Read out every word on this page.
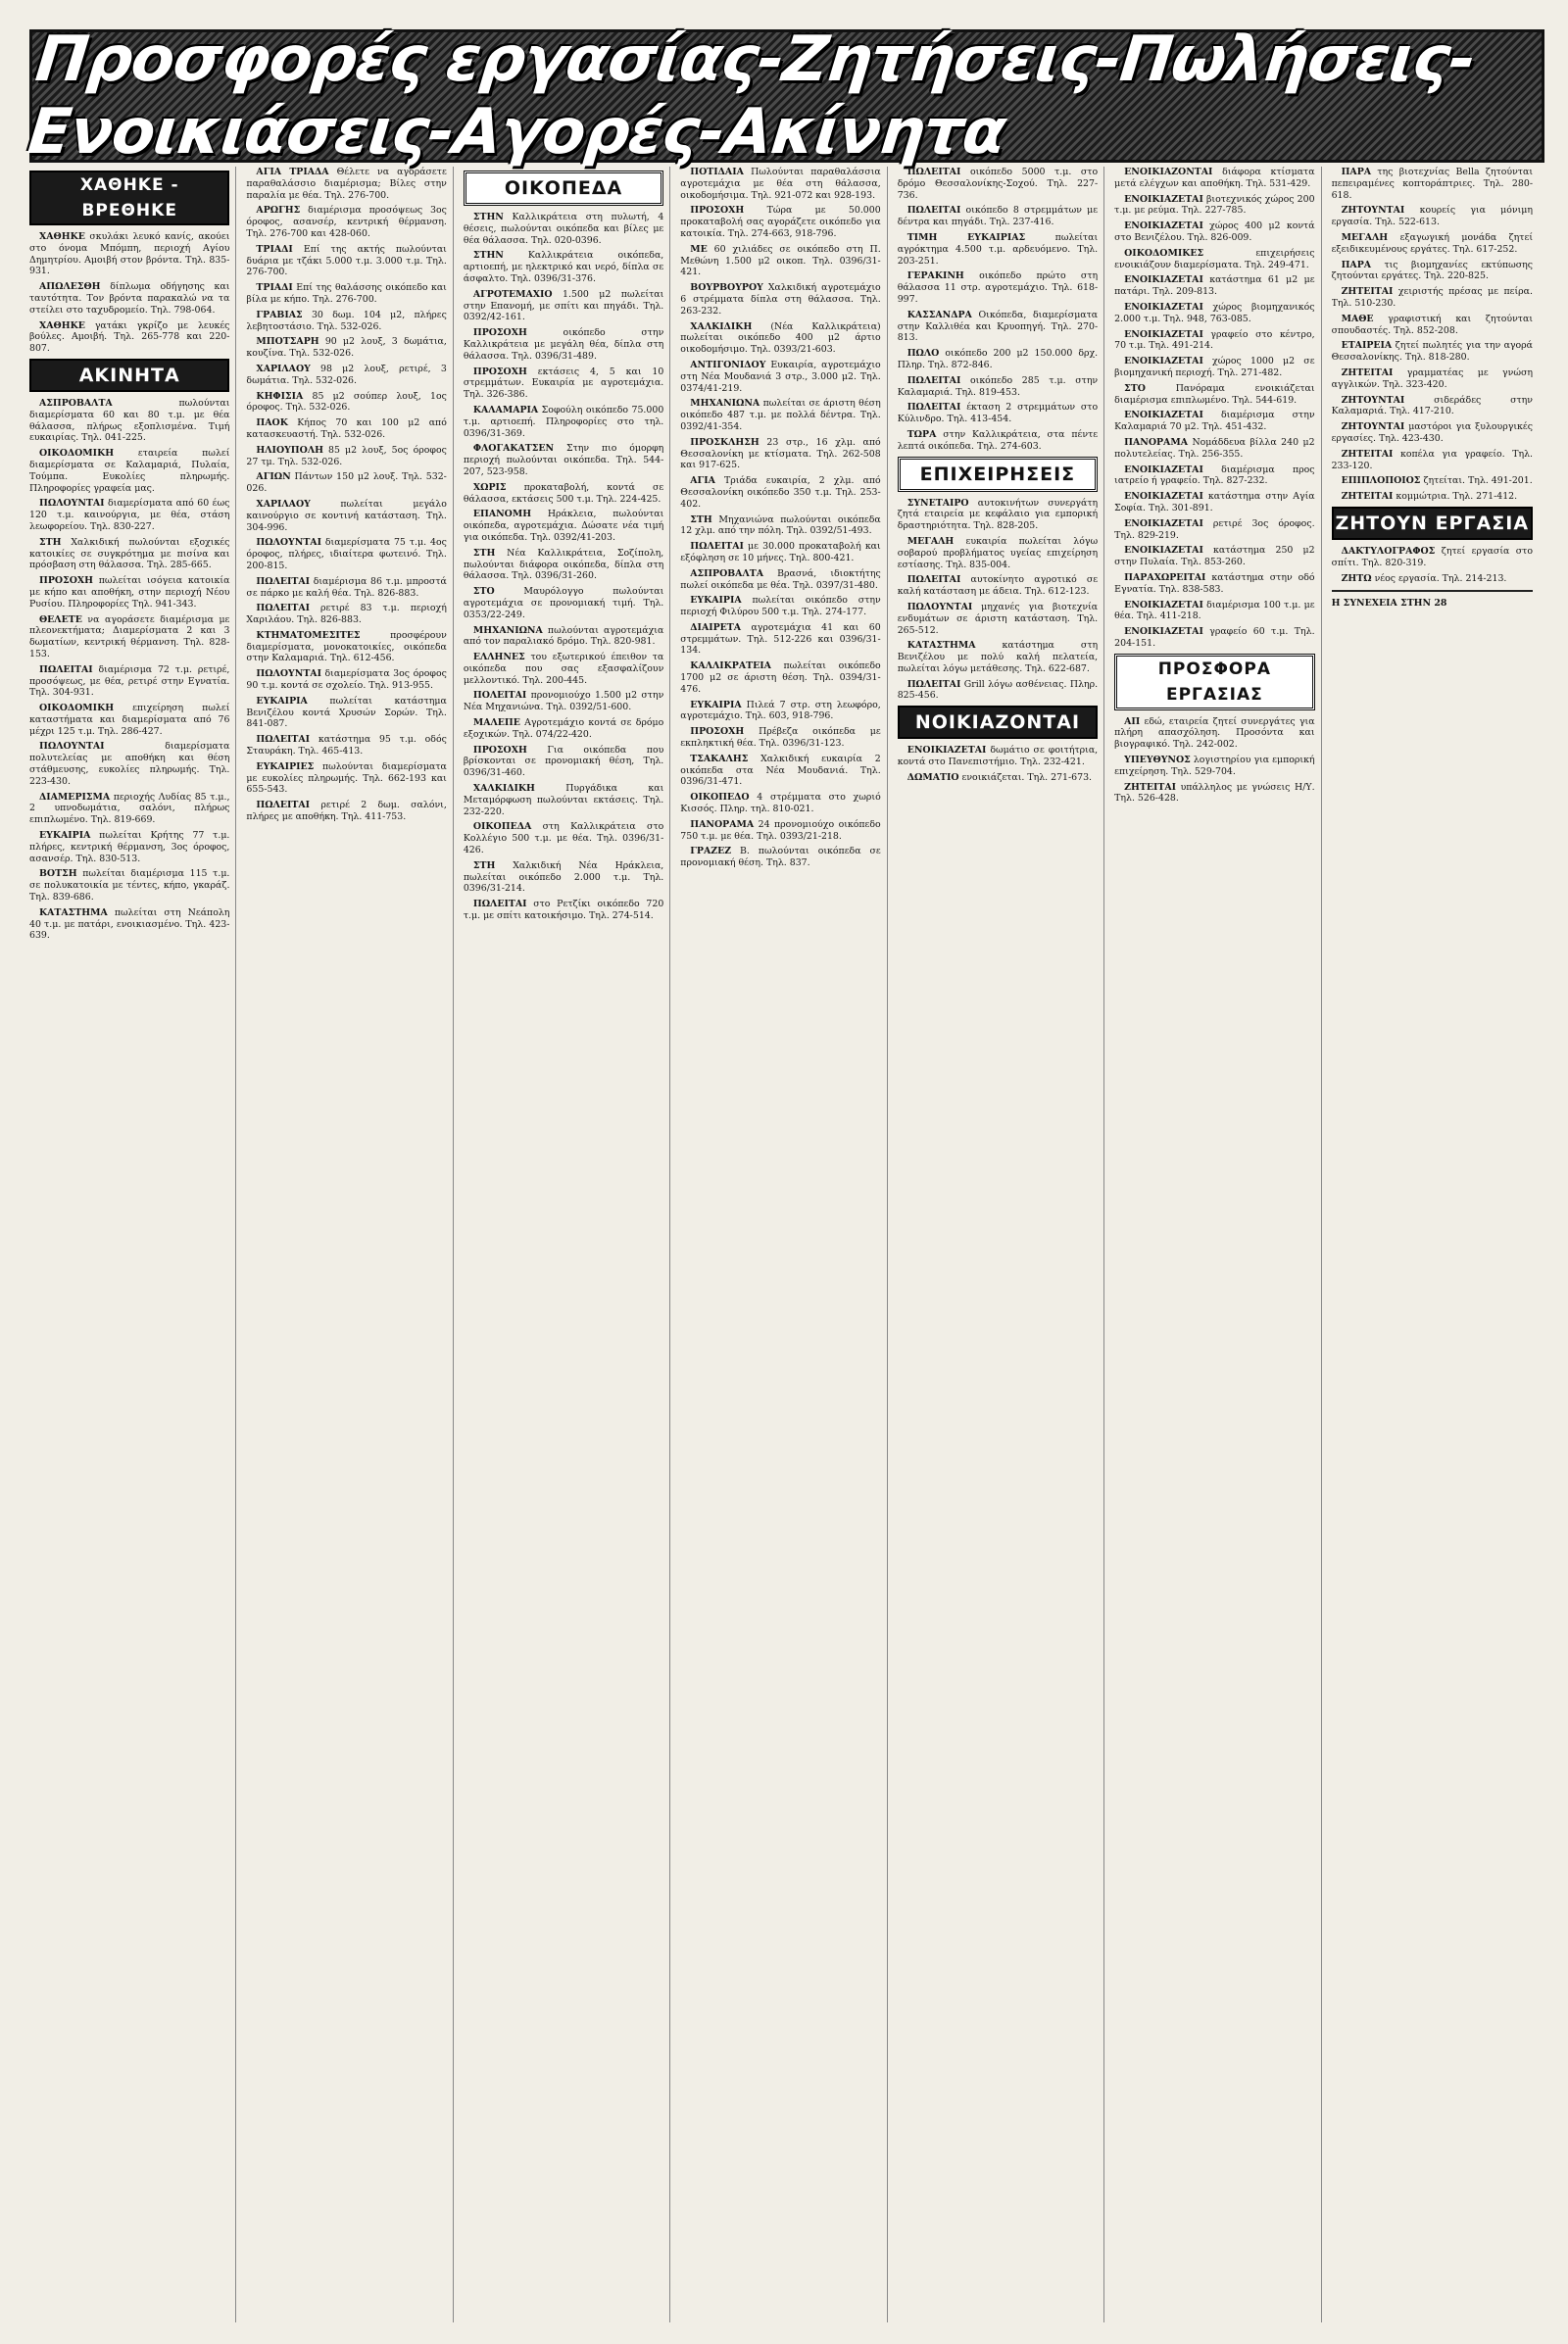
Προσφορές εργασίας-Ζητήσεις-Πωλήσεις-Ενοικιάσεις-Αγορές-Ακίνητα
ΧΑΘΗΚΕ - ΒΡΕΘΗΚΕ

ΧΑΘΗΚΕ σκυλάκι λευκό κανίς, ακούει στο όνομα Μπόμπη, περιοχή Αγίου Δημητρίου. Αμοιβή στον βρόντα. Τηλ. 835-931.

ΑΠΩΛΕΣΘΗ δίπλωμα οδήγησης και ταυτότητα. Τον βρόντα παρακαλώ να τα στείλει στο ταχυδρομείο. Τηλ. 798-064.

ΧΑΘΗΚΕ γατάκι γκρίζο με λευκές βούλες. Αμοιβή. Τηλ. 265-778 και 220-807.

ΑΚΙΝΗΤΑ

ΑΣΠΡΟΒΑΛΤΑ	πωλούνται διαμερίσματα 60 και 80 τ.μ. με θέα θάλασσα, πλήρως εξοπλισμένα. Τιμή ευκαιρίας. Τηλ. 041-225.

ΟΙΚΟΔΟΜΙΚΗ	εταιρεία πωλεί διαμερίσματα σε Καλαμαριά, Πυλαία, Τούμπα. Ευκολίες πληρωμής. Πληροφορίες γραφεία μας.

ΠΩΛΟΥΝΤΑΙ διαμερίσματα από 60 έως 120 τ.μ. καινούργια, με θέα, στάση λεωφορείου. Τηλ. 830-227.

ΣΤΗ Χαλκιδική πωλούνται εξοχικές κατοικίες σε συγκρότημα με πισίνα και πρόσβαση στη θάλασσα. Τηλ. 285-665.

ΠΡΟΣΟΧΗ πωλείται ισόγεια κατοικία με κήπο και αποθήκη, στην περιοχή Νέου Ρυσίου. Πληροφορίες Τηλ. 941-343.

ΘΕΛΕΤΕ να αγοράσετε διαμέρισμα με πλεονεκτήματα; Διαμερίσματα 2 και 3 δωματίων, κεντρική θέρμανση. Τηλ. 828-153.

ΠΩΛΕΙΤΑΙ διαμέρισμα 72 τ.μ. ρετιρέ, προσόψεως, με θέα, ρετιρέ στην Εγνατία. Τηλ. 304-931.

ΟΙΚΟΔΟΜΙΚΗ επιχείρηση πωλεί καταστήματα και διαμερίσματα από 76 μέχρι 125 τ.μ. Τηλ. 286-427.

ΠΩΛΟΥΝΤΑΙ	διαμερίσματα πολυτελείας με αποθήκη και θέση στάθμευσης, ευκολίες πληρωμής. Τηλ. 223-430.

ΔΙΑΜΕΡΙΣΜΑ περιοχής Λυδίας 85 τ.μ., 2 υπνοδωμάτια, σαλόνι, πλήρως επιπλωμένο. Τηλ. 819-669.

ΕΥΚΑΙΡΙΑ πωλείται Κρήτης 77 τ.μ. πλήρες, κεντρική θέρμανση, 3ος όροφος, ασανσέρ. Τηλ. 830-513.

ΒΟΤΣΗ πωλείται διαμέρισμα 115 τ.μ. σε πολυκατοικία με τέντες, κήπο, γκαράζ. Τηλ. 839-686.

ΚΑΤΑΣΤΗΜΑ πωλείται στη Νεάπολη 40 τ.μ. με πατάρι, ενοικιασμένο. Τηλ. 423-639.

ΑΓΙΑ ΤΡΙΑΔΑ Θέλετε να αγοράσετε παραθαλάσσιο διαμέρισμα; Βίλες στην παραλία με θέα. Τηλ. 276-700.

ΑΡΩΓΗΣ διαμέρισμα προσόψεως 3ος όροφος, ασανσέρ, κεντρική θέρμανση. Τηλ. 276-700 και 428-060.

ΤΡΙΑΔΙ Επί της ακτής πωλούνται δυάρια με τζάκι 5.000 τ.μ. 3.000 τ.μ. Τηλ. 276-700.

ΤΡΙΑΔΙ Επί της θαλάσσης οικόπεδο και βίλα με κήπο. Τηλ. 276-700.

ΓΡΑΒΙΑΣ 30 δωμ. 104 μ2, πλήρες λεβητοστάσιο. Τηλ. 532-026.

ΜΠΟΤΣΑΡΗ 90 μ2 λουξ, 3 δωμάτια, κουζίνα. Τηλ. 532-026.

ΧΑΡΙΛΑΟΥ 98 μ2 λουξ, ρετιρέ, 3 δωμάτια. Τηλ. 532-026.

ΚΗΦΙΣΙΑ 85 μ2 σούπερ λουξ, 1ος όροφος. Τηλ. 532-026.

ΠΑΟΚ Κήπος 70 και 100 μ2 από κατασκευαστή. Τηλ. 532-026.

ΗΛΙΟΥΠΟΛΗ 85 μ2 λουξ, 5ος όροφος 27 τμ. Τηλ. 532-026.

ΑΓΙΩΝ Πάντων 150 μ2 λουξ. Τηλ. 532-026.

ΧΑΡΙΛΑΟΥ	πωλείται μεγάλο καινούργιο σε κοντινή κατάσταση. Τηλ. 304-996.

ΠΩΛΟΥΝΤΑΙ διαμερίσματα 75 τ.μ. 4ος όροφος, πλήρες, ιδιαίτερα φωτεινό. Τηλ. 200-815.

ΠΩΛΕΙΤΑΙ διαμέρισμα 86 τ.μ. μπροστά σε πάρκο με καλή θέα. Τηλ. 826-883.

ΠΩΛΕΙΤΑΙ ρετιρέ 83 τ.μ. περιοχή Χαριλάου. Τηλ. 826-883.

ΚΤΗΜΑΤΟΜΕΣΙΤΕΣ	προσφέρουν διαμερίσματα, μονοκατοικίες, οικόπεδα στην Καλαμαριά. Τηλ. 612-456.

ΠΩΛΟΥΝΤΑΙ διαμερίσματα 3ος όροφος 90 τ.μ. κοντά σε σχολείο. Τηλ. 913-955.

ΕΥΚΑΙΡΙΑ πωλείται κατάστημα Βενιζέλου κοντά Χρυσών Σορών. Τηλ. 841-087.

ΠΩΛΕΙΤΑΙ κατάστημα 95 τ.μ. οδός Σταυράκη. Τηλ. 465-413.

ΕΥΚΑΙΡΙΕΣ πωλούνται διαμερίσματα με ευκολίες πληρωμής. Τηλ. 662-193 και 655-543.

ΠΩΛΕΙΤΑΙ ρετιρέ 2 δωμ. σαλόνι, πλήρες με αποθήκη. Τηλ. 411-753.

ΟΙΚΟΠΕΔΑ

ΣΤΗΝ Καλλικράτεια στη πυλωτή, 4 θέσεις, πωλούνται οικόπεδα και βίλες με θέα θάλασσα. Τηλ. 020-0396.

ΣΤΗΝ	Καλλικράτεια οικόπεδα, αρτιοεπή, με ηλεκτρικό και νερό, δίπλα σε άσφαλτο. Τηλ. 0396/31-376.

ΑΓΡΟΤΕΜΑΧΙΟ 1.500 μ2 πωλείται στην Επανομή, με σπίτι και πηγάδι. Τηλ. 0392/42-161.

ΠΡΟΣΟΧΗ	οικόπεδο στην Καλλικράτεια με μεγάλη θέα, δίπλα στη θάλασσα. Τηλ. 0396/31-489.

ΠΡΟΣΟΧΗ εκτάσεις 4, 5 και 10 στρεμμάτων. Ευκαιρία με αγροτεμάχια. Τηλ. 326-386.

ΚΑΛΑΜΑΡΙΑ Σοφούλη οικόπεδο 75.000 τ.μ. αρτιοεπή. Πληροφορίες στο τηλ. 0396/31-369.

ΦΛΟΓΑΚΑΤΣΕΝ Στην πιο όμορφη περιοχή πωλούνται οικόπεδα. Τηλ. 544-207, 523-958.

ΧΩΡΙΣ προκαταβολή, κοντά σε θάλασσα, εκτάσεις 500 τ.μ. Τηλ. 224-425.

ΕΠΑΝΟΜΗ Ηράκλεια, πωλούνται οικόπεδα, αγροτεμάχια. Δώσατε νέα τιμή για οικόπεδα. Τηλ. 0392/41-203.

ΣΤΗ Νέα Καλλικράτεια, Σοζίπολη, πωλούνται διάφορα οικόπεδα, δίπλα στη θάλασσα. Τηλ. 0396/31-260.

ΣΤΟ	Μαυρόλογγο πωλούνται αγροτεμάχια σε προνομιακή τιμή. Τηλ. 0353/22-249.

ΜΗΧΑΝΙΩΝΑ πωλούνται αγροτεμάχια από τον παραλιακό δρόμο. Τηλ. 820-981.

ΕΛΛΗΝΕΣ του εξωτερικού έπειθον τα οικόπεδα που σας εξασφαλίζουν μελλοντικό. Τηλ. 200-445.

ΠΟΛΕΙΤΑΙ προνομιούχο 1.500 μ2 στην Νέα Μηχανιώνα. Τηλ. 0392/51-600.

ΜΑΛΕΠΕ Αγροτεμάχιο κοντά σε δρόμο εξοχικών. Τηλ. 074/22-420.

ΠΡΟΣΟΧΗ Για οικόπεδα που βρίσκονται σε προνομιακή θέση, Τηλ. 0396/31-460.

ΧΑΛΚΙΔΙΚΗ	Πυργάδικα και Μεταμόρφωση πωλούνται εκτάσεις. Τηλ. 232-220.

ΟΙΚΟΠΕΔΑ στη Καλλικράτεια στο Κολλέγιο 500 τ.μ. με θέα. Τηλ. 0396/31-426.

ΣΤΗ Χαλκιδική Νέα Ηράκλεια, πωλείται οικόπεδο 2.000 τ.μ. Τηλ. 0396/31-214.

ΠΩΛΕΙΤΑΙ στο Ρετζίκι οικόπεδο 720 τ.μ. με σπίτι κατοικήσιμο. Τηλ. 274-514.

ΠΟΤΙΔΑΙΑ Πωλούνται παραθαλάσσια αγροτεμάχια με θέα στη θάλασσα, οικοδομήσιμα. Τηλ. 921-072 και 928-193.

ΠΡΟΣΟΧΗ Τώρα με 50.000 προκαταβολή σας αγοράζετε οικόπεδο για κατοικία. Τηλ. 274-663, 918-796.

ΜΕ 60 χιλιάδες σε οικόπεδο στη Π. Μεθώνη 1.500 μ2 οικοπ. Τηλ. 0396/31-421.

ΒΟΥΡΒΟΥΡΟΥ Χαλκιδική αγροτεμάχιο 6 στρέμματα δίπλα στη θάλασσα. Τηλ. 263-232.

ΧΑΛΚΙΔΙΚΗ (Νέα Καλλικράτεια) πωλείται οικόπεδο 400 μ2 άρτιο οικοδομήσιμο. Τηλ. 0393/21-603.

ΑΝΤΙΓΟΝΙΔΟΥ Ευκαιρία, αγροτεμάχιο στη Νέα Μουδανιά 3 στρ., 3.000 μ2. Τηλ. 0374/41-219.

ΜΗΧΑΝΙΩΝΑ πωλείται σε άριστη θέση οικόπεδο 487 τ.μ. με πολλά δέντρα. Τηλ. 0392/41-354.

ΠΡΟΣΚΛΗΣΗ 23 στρ., 16 χλμ. από Θεσσαλονίκη με κτίσματα. Τηλ. 262-508 και 917-625.

ΑΓΙΑ Τριάδα ευκαιρία, 2 χλμ. από Θεσσαλονίκη οικόπεδο 350 τ.μ. Τηλ. 253-402.

ΣΤΗ Μηχανιώνα πωλούνται οικόπεδα 12 χλμ. από την πόλη. Τηλ. 0392/51-493.

ΠΩΛΕΙΤΑΙ με 30.000 προκαταβολή και εξόφληση σε 10 μήνες. Τηλ. 800-421.

ΑΣΠΡΟΒΑΛΤΑ Βρασνά, ιδιοκτήτης πωλεί οικόπεδα με θέα. Τηλ. 0397/31-480.

ΕΥΚΑΙΡΙΑ πωλείται οικόπεδο στην περιοχή Φιλύρου 500 τ.μ. Τηλ. 274-177.

ΔΙΑΙΡΕΤΑ αγροτεμάχια 41 και 60 στρεμμάτων. Τηλ. 512-226 και 0396/31-134.

ΚΑΛΛΙΚΡΑΤΕΙΑ πωλείται οικόπεδο 1700 μ2 σε άριστη θέση. Τηλ. 0394/31-476.

ΕΥΚΑΙΡΙΑ Πιλεά 7 στρ. στη λεωφόρο, αγροτεμάχιο. Τηλ. 603, 918-796.

ΠΡΟΣΟΧΗ Πρέβεζα οικόπεδα με εκπληκτική θέα. Τηλ. 0396/31-123.

ΤΣΑΚΑΛΗΣ Χαλκιδική ευκαιρία 2 οικόπεδα στα Νέα Μουδανιά. Τηλ. 0396/31-471.

ΟΙΚΟΠΕΔΟ 4 στρέμματα στο χωριό Κισσός. Πληρ. τηλ. 810-021.

ΠΑΝΟΡΑΜΑ 24 προνομιούχο οικόπεδο 750 τ.μ. με θέα. Τηλ. 0393/21-218.

ΓΡΑΖΕΖ Β. πωλούνται οικόπεδα σε προνομιακή θέση. Τηλ. 837.

ΠΩΛΕΙΤΑΙ οικόπεδο 5000 τ.μ. στο δρόμο Θεσσαλονίκης-Σοχού. Τηλ. 227-736.

ΠΩΛΕΙΤΑΙ οικόπεδο 8 στρεμμάτων με δέντρα και πηγάδι. Τηλ. 237-416.

ΤΙΜΗ ΕΥΚΑΙΡΙΑΣ	πωλείται αγρόκτημα 4.500 τ.μ. αρδευόμενο. Τηλ. 203-251.

ΓΕΡΑΚΙΝΗ οικόπεδο πρώτο στη θάλασσα 11 στρ. αγροτεμάχιο. Τηλ. 618-997.

ΚΑΣΣΑΝΔΡΑ Οικόπεδα, διαμερίσματα στην Καλλιθέα και Κρυοπηγή. Τηλ. 270-813.

ΠΩΛΟ οικόπεδο 200 μ2 150.000 δρχ. Πληρ. Τηλ. 872-846.

ΠΩΛΕΙΤΑΙ οικόπεδο 285 τ.μ. στην Καλαμαριά. Τηλ. 819-453.

ΠΩΛΕΙΤΑΙ έκταση 2 στρεμμάτων στο Κύλινδρο. Τηλ. 413-454.

ΤΩΡΑ στην Καλλικράτεια, στα πέντε λεπτά οικόπεδα. Τηλ. 274-603.

ΕΠΙΧΕΙΡΗΣΕΙΣ

ΣΥΝΕΤΑΙΡΟ αυτοκινήτων συνεργάτη ζητά εταιρεία με κεφάλαιο για εμπορική δραστηριότητα. Τηλ. 828-205.

ΜΕΓΑΛΗ ευκαιρία πωλείται λόγω σοβαρού προβλήματος υγείας επιχείρηση εστίασης. Τηλ. 835-004.

ΠΩΛΕΙΤΑΙ αυτοκίνητο αγροτικό σε καλή κατάσταση με άδεια. Τηλ. 612-123.

ΠΩΛΟΥΝΤΑΙ μηχανές για βιοτεχνία ενδυμάτων σε άριστη κατάσταση. Τηλ. 265-512.

ΚΑΤΑΣΤΗΜΑ	κατάστημα στη Βενιζέλου με πολύ καλή πελατεία, πωλείται λόγω μετάθεσης. Τηλ. 622-687.

ΠΩΛΕΙΤΑΙ Grill λόγω ασθένειας. Πληρ. 825-456.

ΝΟΙΚΙΑΖΟΝΤΑΙ

ΕΝΟΙΚΙΑΖΕΤΑΙ δωμάτιο σε φοιτήτρια, κοντά στο Πανεπιστήμιο. Τηλ. 232-421.

ΔΩΜΑΤΙΟ ενοικιάζεται. Τηλ. 271-673.

ΕΝΟΙΚΙΑΖΟΝΤΑΙ διάφορα κτίσματα μετά ελέγχων και αποθήκη. Τηλ. 531-429.

ΕΝΟΙΚΙΑΖΕΤΑΙ βιοτεχνικός χώρος 200 τ.μ. με ρεύμα. Τηλ. 227-785.

ΕΝΟΙΚΙΑΖΕΤΑΙ χώρος 400 μ2 κοντά στο Βενιζέλου. Τηλ. 826-009.

ΟΙΚΟΔΟΜΙΚΕΣ	επιχειρήσεις ενοικιάζουν διαμερίσματα. Τηλ. 249-471.

ΕΝΟΙΚΙΑΖΕΤΑΙ κατάστημα 61 μ2 με πατάρι. Τηλ. 209-813.

ΕΝΟΙΚΙΑΖΕΤΑΙ χώρος βιομηχανικός 2.000 τ.μ. Τηλ. 948, 763-085.

ΕΝΟΙΚΙΑΖΕΤΑΙ γραφείο στο κέντρο, 70 τ.μ. Τηλ. 491-214.

ΕΝΟΙΚΙΑΖΕΤΑΙ χώρος 1000 μ2 σε βιομηχανική περιοχή. Τηλ. 271-482.

ΣΤΟ	Πανόραμα ενοικιάζεται διαμέρισμα επιπλωμένο. Τηλ. 544-619.

ΕΝΟΙΚΙΑΖΕΤΑΙ διαμέρισμα στην Καλαμαριά 70 μ2. Τηλ. 451-432.

ΠΑΝΟΡΑΜΑ Νομάδδευα βίλλα 240 μ2 πολυτελείας. Τηλ. 256-355.

ΕΝΟΙΚΙΑΖΕΤΑΙ διαμέρισμα προς ιατρείο ή γραφείο. Τηλ. 827-232.

ΕΝΟΙΚΙΑΖΕΤΑΙ κατάστημα στην Αγία Σοφία. Τηλ. 301-891.

ΕΝΟΙΚΙΑΖΕΤΑΙ ρετιρέ 3ος όροφος. Τηλ. 829-219.

ΕΝΟΙΚΙΑΖΕΤΑΙ κατάστημα 250 μ2 στην Πυλαία. Τηλ. 853-260.

ΠΑΡΑΧΩΡΕΙΤΑΙ κατάστημα στην οδό Εγνατία. Τηλ. 838-583.

ΕΝΟΙΚΙΑΖΕΤΑΙ διαμέρισμα 100 τ.μ. με θέα. Τηλ. 411-218.

ΕΝΟΙΚΙΑΖΕΤΑΙ γραφείο 60 τ.μ. Τηλ. 204-151.

ΠΡΟΣΦΟΡΑ ΕΡΓΑΣΙΑΣ

ΑΠ εδώ, εταιρεία ζητεί συνεργάτες για πλήρη απασχόληση. Προσόντα και βιογραφικό. Τηλ. 242-002.

ΥΠΕΥΘΥΝΟΣ λογιστηρίου για εμπορική επιχείρηση. Τηλ. 529-704.

ΖΗΤΕΙΤΑΙ υπάλληλος με γνώσεις Η/Υ. Τηλ. 526-428.

ΠΑΡΑ της βιοτεχνίας Bella ζητούνται πεπειραμένες κοπτοράπτριες. Τηλ. 280-618.

ΖΗΤΟΥΝΤΑΙ κουρείς για μόνιμη εργασία. Τηλ. 522-613.

ΜΕΓΑΛΗ εξαγωγική μονάδα ζητεί εξειδικευμένους εργάτες. Τηλ. 617-252.

ΠΑΡΑ τις βιομηχανίες εκτύπωσης ζητούνται εργάτες. Τηλ. 220-825.

ΖΗΤΕΙΤΑΙ χειριστής πρέσας με πείρα. Τηλ. 510-230.

ΜΑΘΕ γραφιστική και ζητούνται σπουδαστές. Τηλ. 852-208.

ΕΤΑΙΡΕΙΑ ζητεί πωλητές για την αγορά Θεσσαλονίκης. Τηλ. 818-280.

ΖΗΤΕΙΤΑΙ γραμματέας με γνώση αγγλικών. Τηλ. 323-420.

ΖΗΤΟΥΝΤΑΙ	σιδεράδες στην Καλαμαριά. Τηλ. 417-210.

ΖΗΤΟΥΝΤΑΙ μαστόροι για ξυλουργικές εργασίες. Τηλ. 423-430.

ΖΗΤΕΙΤΑΙ κοπέλα για γραφείο. Τηλ. 233-120.

ΕΠΙΠΛΟΠΟΙΟΣ ζητείται. Τηλ. 491-201.

ΖΗΤΕΙΤΑΙ κομμώτρια. Τηλ. 271-412.

ΖΗΤΟΥΝ ΕΡΓΑΣΙΑ

ΔΑΚΤΥΛΟΓΡΑΦΟΣ ζητεί εργασία στο σπίτι. Τηλ. 820-319.

ΖΗΤΩ νέος εργασία. Τηλ. 214-213.

Η ΣΥΝΕΧΕΙΑ ΣΤΗΝ 28
